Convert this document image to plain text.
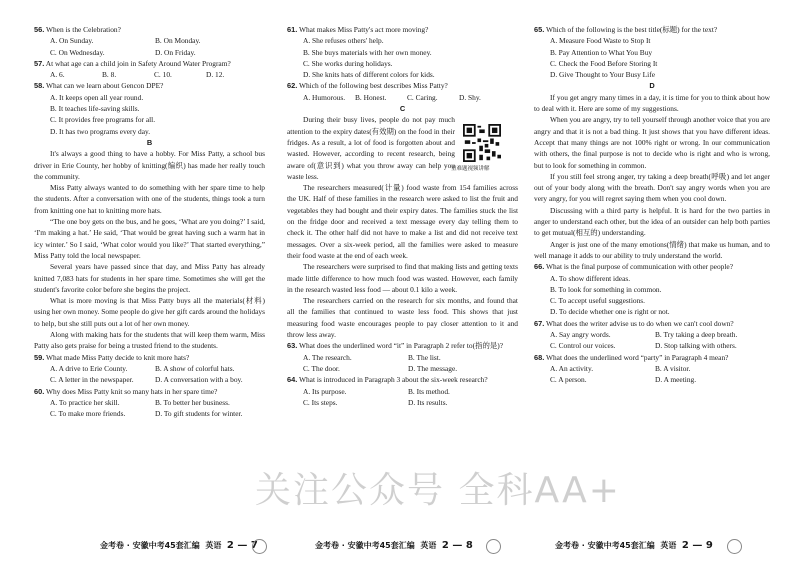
56. When is the Celebration?

A. On Sunday.	B. On Monday.
C. On Wednesday.	D. On Friday.

57. At what age can a child join in Safety Around Water Program?

A. 6.	B. 8.	C. 10.	D. 12.

58. What can we learn about Gencon DPE?

A. It keeps open all year round.

B. It teaches life-saving skills.

C. It provides free programs for all.

D. It has two programs every day.

B

It's always a good thing to have a hobby. For Miss Patty, a school bus driver in Erie County, her hobby of knitting(编织) has made her really touch the community.

Miss Patty always wanted to do something with her spare time to help the students. After a conversation with one of the students, things took a turn from knitting one hat to knitting more hats.

“The one boy gets on the bus, and he goes, ‘What are you doing?’ I said, ‘I'm making a hat.’ He said, ‘That would be great having such a warm hat in icy winter.’ So I said, ‘What color would you like?’ That started everything,” Miss Patty told the local newspaper.

Several years have passed since that day, and Miss Patty has already knitted 7,083 hats for students in her spare time. Sometimes she will get the student's favorite color before she begins the project.

What is more moving is that Miss Patty buys all the materials(材料) using her own money. Some people do give her gift cards around the holidays to help, but she still puts out a lot of her own money.

Along with making hats for the students that will keep them warm, Miss Patty also gets praise for being a trusted friend to the students.

59. What made Miss Patty decide to knit more hats?

A. A drive to Erie County.	B. A show of colorful hats.
C. A letter in the newspaper.	D. A conversation with a boy.

60. Why does Miss Patty knit so many hats in her spare time?

A. To practice her skill.	B. To better her business.
C. To make more friends.	D. To gift students for winter.

61. What makes Miss Patty's act more moving?

A. She refuses others' help.

B. She buys materials with her own money.

C. She works during holidays.

D. She knits hats of different colors for kids.

62. Which of the following best describes Miss Patty?

A. Humorous.	B. Honest.	C. Caring.	D. Shy.

C

During their busy lives, people do not pay much attention to the expiry dates(有效期) on the food in their fridges. As a result, a lot of food is forgotten about and wasted. However, according to recent research, being aware of(意识到) what you throw away can help you waste less.

The researchers measured(计量) food waste from 154 families across the UK. Half of these families in the research were asked to list the fruit and vegetables they had bought and their expiry dates. The families stuck the list on the fridge door and received a text message every day telling them to check it. The other half did not have to make a list and did not receive text messages. Over a six-week period, all the families were asked to measure their food waste at the end of each week.

The researchers were surprised to find that making lists and getting texts made little difference to how much food was wasted. However, each family in the research wasted less food — about 0.1 kilo a week.

The researchers carried on the research for six months, and found that all the families that continued to waste less food. This shows that just measuring food waste encourages people to pay closer attention to it and throw less away.

63. What does the underlined word “it” in Paragraph 2 refer to(指的是)?

A. The research.	B. The list.
C. The door.	D. The message.

64. What is introduced in Paragraph 3 about the six-week research?

A. Its purpose.	B. Its method.
C. Its steps.	D. Its results.
重难题视频讲解

65. Which of the following is the best title(标题) for the text?

A. Measure Food Waste to Stop It

B. Pay Attention to What You Buy

C. Check the Food Before Storing It

D. Give Thought to Your Busy Life

D

If you get angry many times in a day, it is time for you to think about how to deal with it. Here are some of my suggestions.

When you are angry, try to tell yourself through another voice that you are angry and that it is not a bad thing. It just shows that you have different ideas. Accept that many things are not 100% right or wrong. In our communication with others, the final purpose is not to decide who is right and who is wrong, but to look for something in common.

If you still feel strong anger, try taking a deep breath(呼吸) and let anger out of your body along with the breath. Don't say angry words when you are very angry, for you will regret saying them when you cool down.

Discussing with a third party is helpful. It is hard for the two parties in anger to understand each other, but the idea of an outsider can help both parties to get mutual(相互的) understanding.

Anger is just one of the many emotions(情绪) that make us human, and to well manage it adds to our ability to truly understand the world.

66. What is the final purpose of communication with other people?

A. To show different ideas.

B. To look for something in common.

C. To accept useful suggestions.

D. To decide whether one is right or not.

67. What does the writer advise us to do when we can't cool down?

A. Say angry words.	B. Try taking a deep breath.
C. Control our voices.	D. Stop talking with others.

68. What does the underlined word “party” in Paragraph 4 mean?

A. An activity.	B. A visitor.
C. A person.	D. A meeting.
关注公众号 全科AA+
金考卷 · 安徽中考45套汇编 英语 2 — 7	金考卷 · 安徽中考45套汇编 英语 2 — 8	金考卷 · 安徽中考45套汇编 英语 2 — 9
